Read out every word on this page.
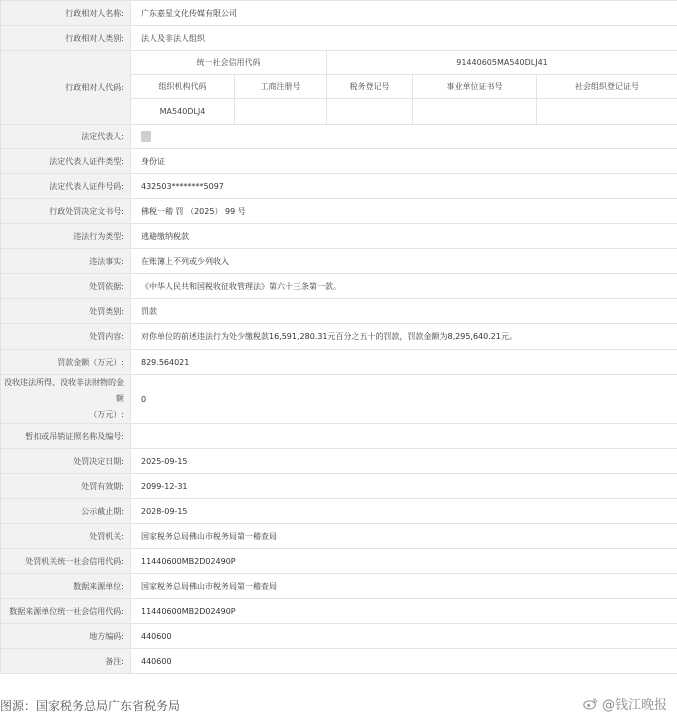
行政相对人名称:	广东嘉星文化传媒有限公司				
行政相对人类别:	法人及非法人组织				
行政相对人代码:	统一社会信用代码		91440605MA540DLJ41		
	组织机构代码	工商注册号	税务登记号	事业单位证书号	社会组织登记证号
	MA540DLJ4				
法定代表人:					
法定代表人证件类型:	身份证				
法定代表人证件号码:	432503********5097				
行政处罚决定文书号:	佛税一稽 罚 （2025） 99 号				
违法行为类型:	逃避缴纳税款				
违法事实:	在账簿上不列或少列收入				
处罚依据:	《中华人民共和国税收征收管理法》第六十三条第一款。				
处罚类别:	罚款				
处罚内容:	对你单位的前述违法行为处少缴税款16,591,280.31元百分之五十的罚款，罚款金额为8,295,640.21元。				
罚款金额（万元）:	829.564021				
没收违法所得、没收非法财物的金额
（万元）:	0				
暂扣或吊销证照名称及编号:					
处罚决定日期:	2025-09-15				
处罚有效期:	2099-12-31				
公示截止期:	2028-09-15				
处罚机关:	国家税务总局佛山市税务局第一稽查局				
处罚机关统一社会信用代码:	11440600MB2D02490P				
数据来源单位:	国家税务总局佛山市税务局第一稽查局				
数据来源单位统一社会信用代码:	11440600MB2D02490P				
地方编码:	440600				
备注:	440600				
图源：国家税务总局广东省税务局	@钱江晚报
